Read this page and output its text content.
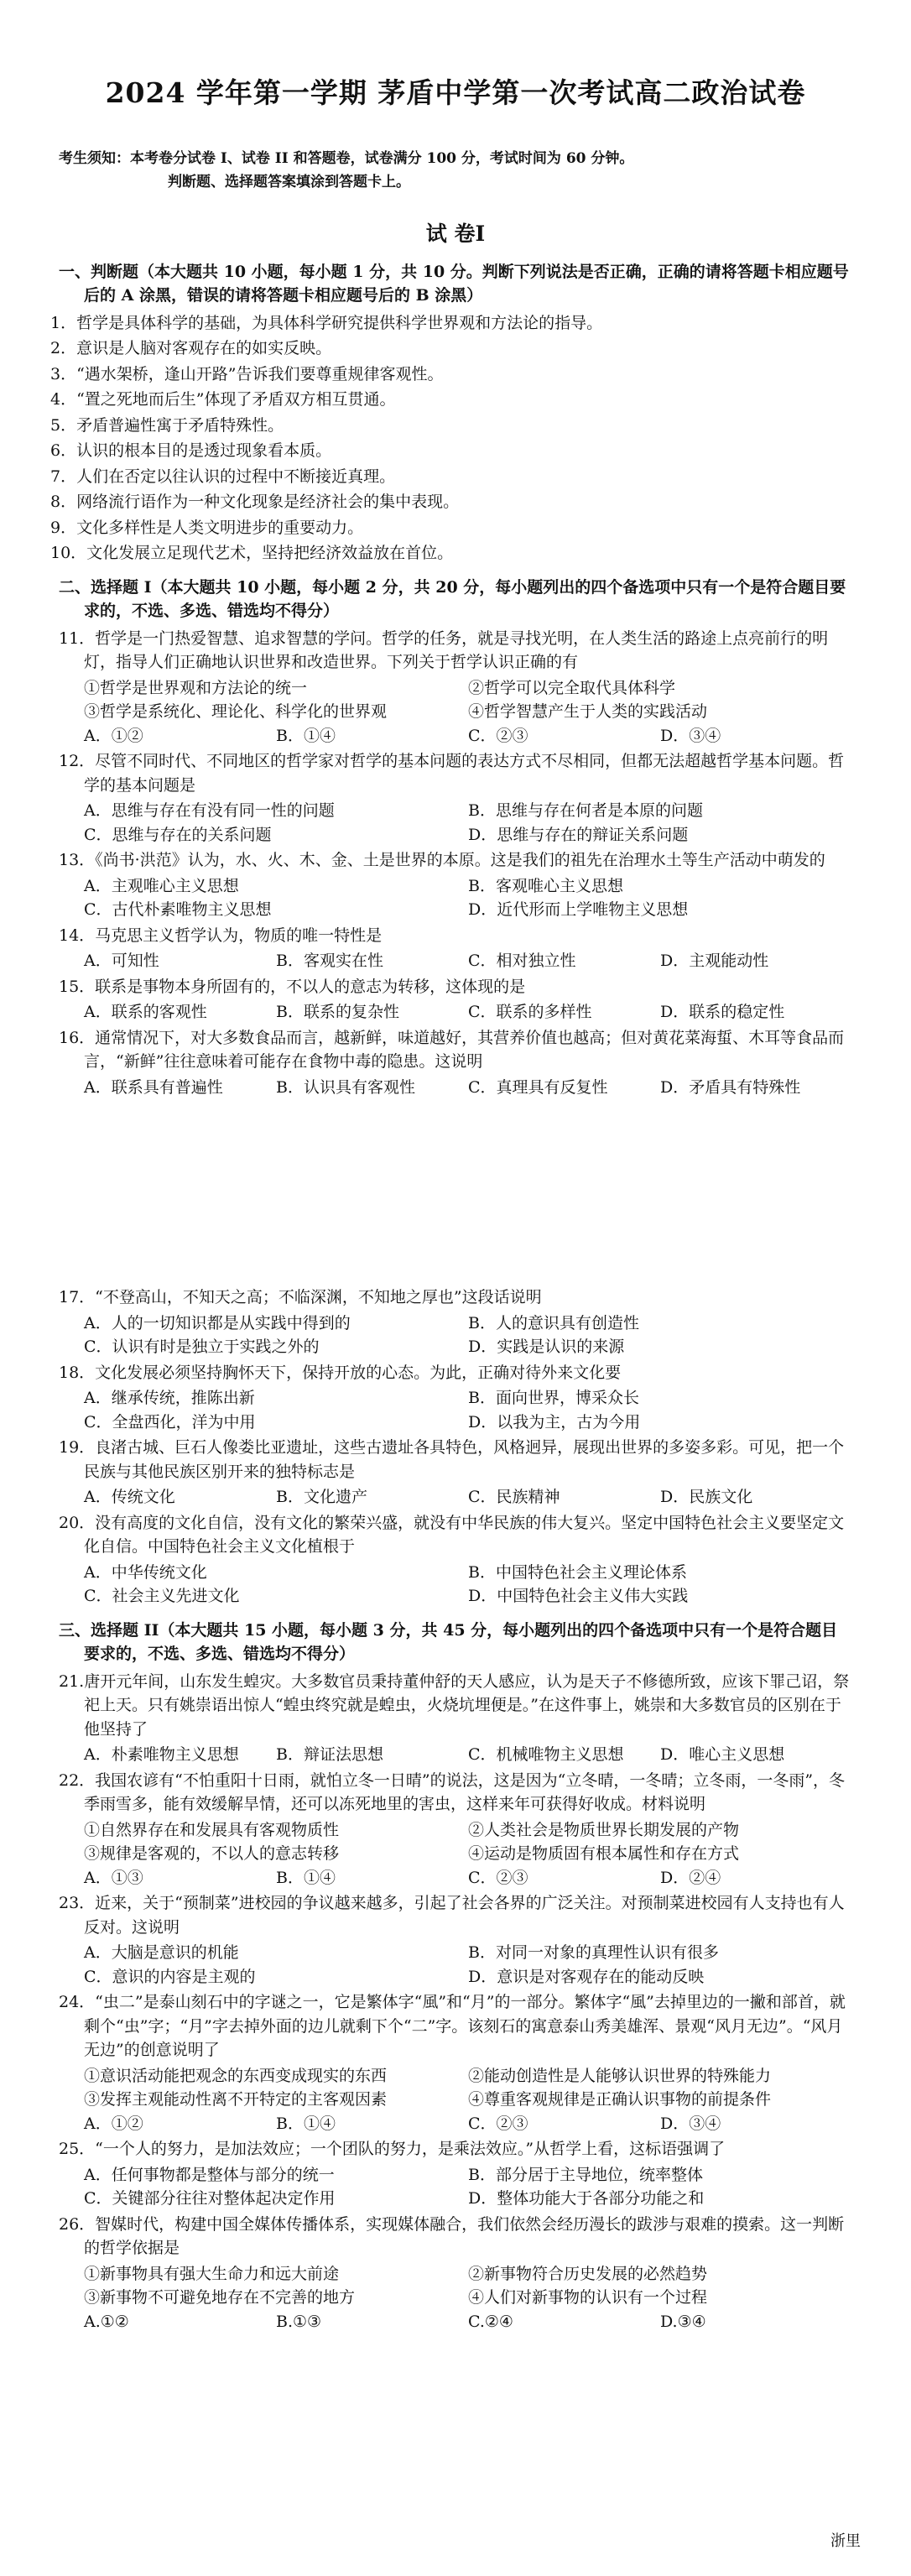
2024 学年第一学期 茅盾中学第一次考试高二政治试卷

考生须知：本考卷分试卷 I、试卷 II 和答题卷，试卷满分 100 分，考试时间为 60 分钟。

判断题、选择题答案填涂到答题卡上。

试 卷I
一、判断题（本大题共 10 小题，每小题 1 分，共 10 分。判断下列说法是否正确，正确的请将答题卡相应题号后的 A 涂黑，错误的请将答题卡相应题号后的 B 涂黑）
1．哲学是具体科学的基础，为具体科学研究提供科学世界观和方法论的指导。
2．意识是人脑对客观存在的如实反映。
3．“遇水架桥，逢山开路”告诉我们要尊重规律客观性。
4．“置之死地而后生”体现了矛盾双方相互贯通。
5．矛盾普遍性寓于矛盾特殊性。
6．认识的根本目的是透过现象看本质。
7．人们在否定以往认识的过程中不断接近真理。
8．网络流行语作为一种文化现象是经济社会的集中表现。
9．文化多样性是人类文明进步的重要动力。
10．文化发展立足现代艺术，坚持把经济效益放在首位。
二、选择题 I（本大题共 10 小题，每小题 2 分，共 20 分，每小题列出的四个备选项中只有一个是符合题目要求的，不选、多选、错选均不得分）
11．哲学是一门热爱智慧、追求智慧的学问。哲学的任务，就是寻找光明，在人类生活的路途上点亮前行的明灯，指导人们正确地认识世界和改造世界。下列关于哲学认识正确的有
①哲学是世界观和方法论的统一	②哲学可以完全取代具体科学
③哲学是系统化、理论化、科学化的世界观	④哲学智慧产生于人类的实践活动
A．①②	B．①④	C．②③	D．③④
12．尽管不同时代、不同地区的哲学家对哲学的基本问题的表达方式不尽相同，但都无法超越哲学基本问题。哲学的基本问题是
A．思维与存在有没有同一性的问题	B．思维与存在何者是本原的问题
C．思维与存在的关系问题	D．思维与存在的辩证关系问题
13．《尚书·洪范》认为，水、火、木、金、土是世界的本原。这是我们的祖先在治理水土等生产活动中萌发的
A．主观唯心主义思想	B．客观唯心主义思想
C．古代朴素唯物主义思想	D．近代形而上学唯物主义思想
14．马克思主义哲学认为，物质的唯一特性是
A．可知性	B．客观实在性	C．相对独立性	D．主观能动性
15．联系是事物本身所固有的，不以人的意志为转移，这体现的是
A．联系的客观性	B．联系的复杂性	C．联系的多样性	D．联系的稳定性
16．通常情况下，对大多数食品而言，越新鲜，味道越好，其营养价值也越高；但对黄花菜海蜇、木耳等食品而言，“新鲜”往往意味着可能存在食物中毒的隐患。这说明
A．联系具有普遍性	B．认识具有客观性	C．真理具有反复性	D．矛盾具有特殊性
17．“不登高山，不知天之高；不临深渊，不知地之厚也”这段话说明
A．人的一切知识都是从实践中得到的	B．人的意识具有创造性
C．认识有时是独立于实践之外的	D．实践是认识的来源
18．文化发展必须坚持胸怀天下，保持开放的心态。为此，正确对待外来文化要
A．继承传统，推陈出新	B．面向世界，博采众长
C．全盘西化，洋为中用	D．以我为主，古为今用
19．良渚古城、巨石人像娄比亚遗址，这些古遗址各具特色，风格迥异，展现出世界的多姿多彩。可见，把一个民族与其他民族区别开来的独特标志是
A．传统文化	B．文化遗产	C．民族精神	D．民族文化
20．没有高度的文化自信，没有文化的繁荣兴盛，就没有中华民族的伟大复兴。坚定中国特色社会主义要坚定文化自信。中国特色社会主义文化植根于
A．中华传统文化	B．中国特色社会主义理论体系
C．社会主义先进文化	D．中国特色社会主义伟大实践
三、选择题 II（本大题共 15 小题，每小题 3 分，共 45 分，每小题列出的四个备选项中只有一个是符合题目要求的，不选、多选、错选均不得分）
21.唐开元年间，山东发生蝗灾。大多数官员秉持董仲舒的天人感应，认为是天子不修德所致，应该下罪己诏，祭祀上天。只有姚崇语出惊人“蝗虫终究就是蝗虫，火烧坑埋便是。”在这件事上，姚崇和大多数官员的区别在于他坚持了
A．朴素唯物主义思想	B．辩证法思想	C．机械唯物主义思想	D．唯心主义思想
22．我国农谚有“不怕重阳十日雨，就怕立冬一日晴”的说法，这是因为“立冬晴，一冬晴；立冬雨，一冬雨”，冬季雨雪多，能有效缓解旱情，还可以冻死地里的害虫，这样来年可获得好收成。材料说明
①自然界存在和发展具有客观物质性	②人类社会是物质世界长期发展的产物
③规律是客观的，不以人的意志转移	④运动是物质固有根本属性和存在方式
A．①③	B．①④	C．②③	D．②④
23．近来，关于“预制菜”进校园的争议越来越多，引起了社会各界的广泛关注。对预制菜进校园有人支持也有人反对。这说明
A．大脑是意识的机能	B．对同一对象的真理性认识有很多
C．意识的内容是主观的	D．意识是对客观存在的能动反映
24．“虫二”是泰山刻石中的字谜之一，它是繁体字“風”和“月”的一部分。繁体字“風”去掉里边的一撇和部首，就剩个“虫”字；“月”字去掉外面的边儿就剩下个“二”字。该刻石的寓意泰山秀美雄浑、景观“风月无边”。“风月无边”的创意说明了
①意识活动能把观念的东西变成现实的东西	②能动创造性是人能够认识世界的特殊能力
③发挥主观能动性离不开特定的主客观因素	④尊重客观规律是正确认识事物的前提条件
A．①②	B．①④	C．②③	D．③④
25．“一个人的努力，是加法效应；一个团队的努力，是乘法效应。”从哲学上看，这标语强调了
A．任何事物都是整体与部分的统一	B．部分居于主导地位，统率整体
C．关键部分往往对整体起决定作用	D．整体功能大于各部分功能之和
26．智媒时代，构建中国全媒体传播体系，实现媒体融合，我们依然会经历漫长的跋涉与艰难的摸索。这一判断的哲学依据是
①新事物具有强大生命力和远大前途	②新事物符合历史发展的必然趋势
③新事物不可避免地存在不完善的地方	④人们对新事物的认识有一个过程
A.①②	B.①③	C.②④	D.③④
浙里
